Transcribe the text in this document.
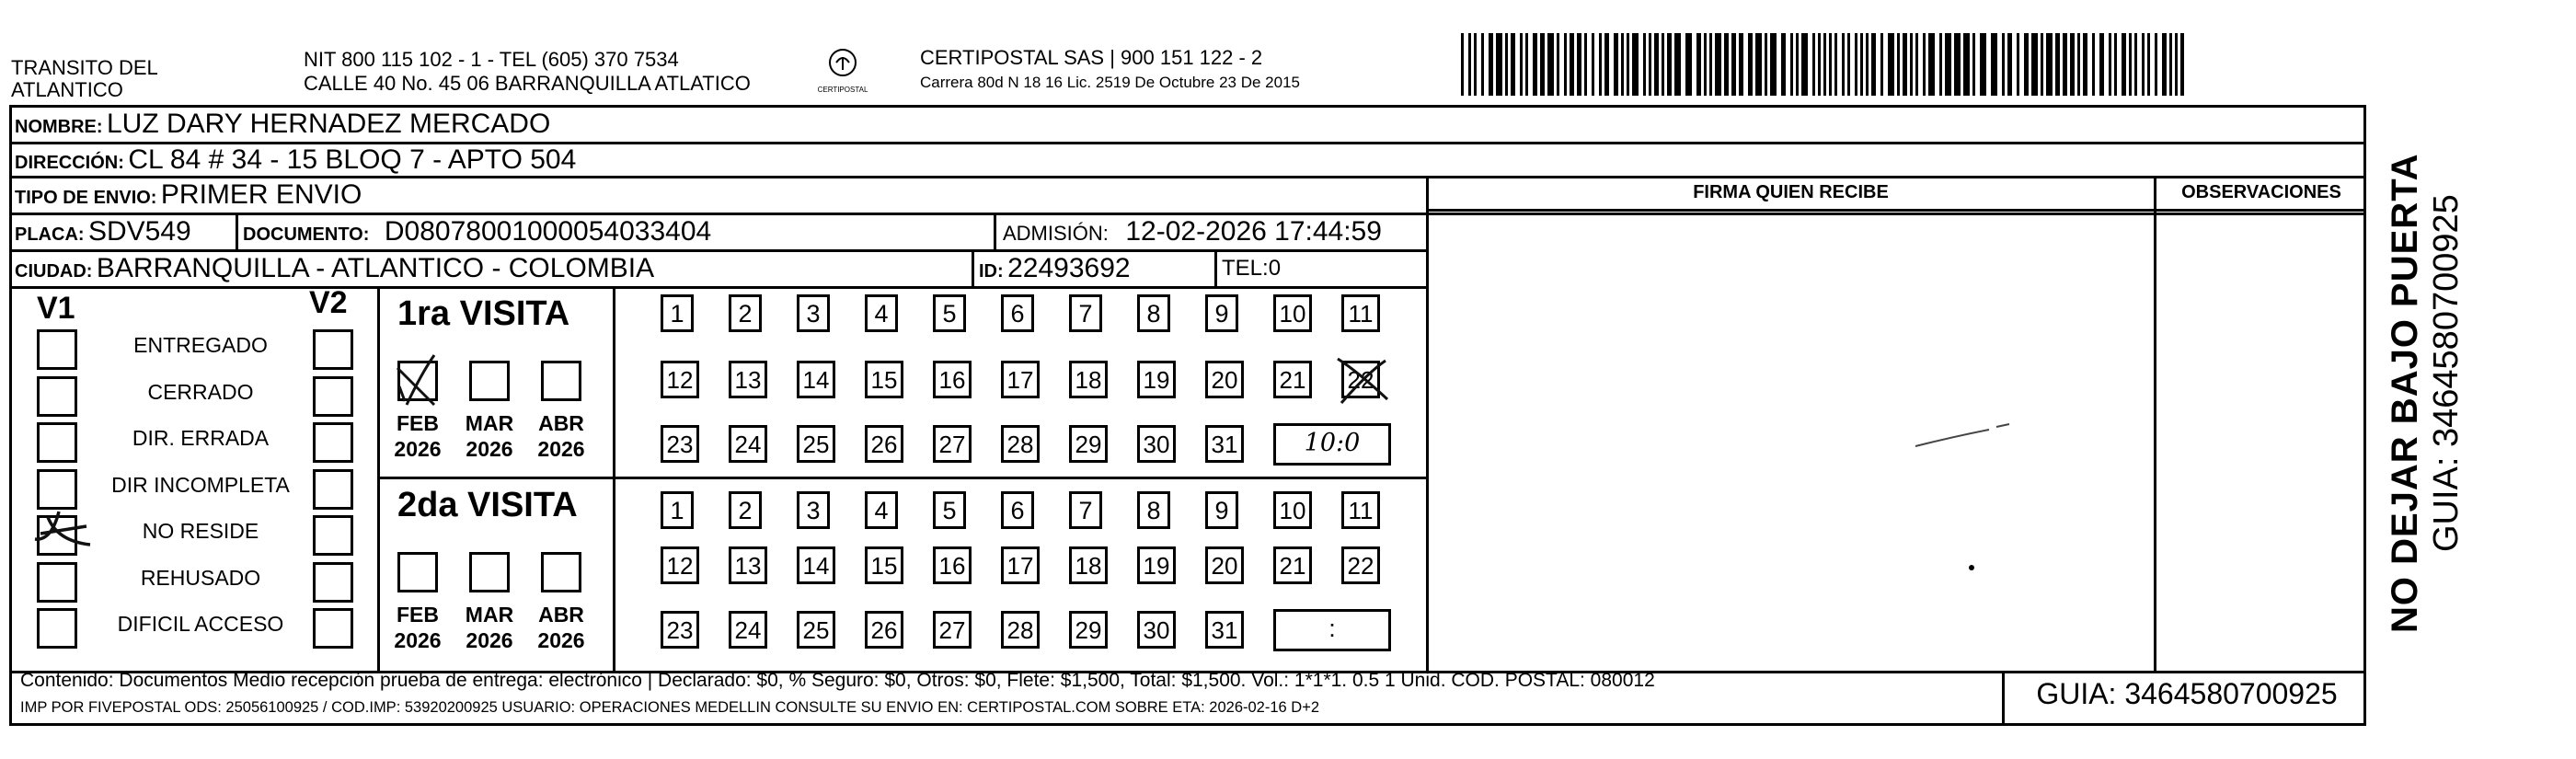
TRANSITO DEL
ATLANTICO
NIT 800 115 102 - 1 - TEL (605) 370 7534
CALLE 40 No. 45 06 BARRANQUILLA ATLATICO	CERTIPOSTAL
CERTIPOSTAL SAS | 900 151 122 - 2
Carrera 80d N 18 16 Lic. 2519 De Octubre 23 De 2015
NOMBRE: LUZ DARY HERNADEZ MERCADO
DIRECCIÓN: CL 84 # 34 - 15 BLOQ 7 - APTO 504
TIPO DE ENVIO: PRIMER ENVIO
PLACA: SDV549	DOCUMENTO: D08078001000054033404	ADMISIÓN: 12-02-2026 17:44:59
CIUDAD: BARRANQUILLA - ATLANTICO - COLOMBIA	ID: 22493692	TEL:0
FIRMA QUIEN RECIBE	OBSERVACIONES
V1	V2
ENTREGADO
CERRADO
DIR. ERRADA
DIR INCOMPLETA
NO RESIDE
REHUSADO
DIFICIL ACCESO
1ra VISITA
2da VISITA
FEB
2026
MAR
2026
ABR
2026
FEB
2026
MAR
2026
ABR
2026
1	2	3	4	5	6	7	8	9	10 11
12 13 14 15 16 17 18 19 20 21 22
23 24 25 26 27 28 29 30 31	10:0
1	2	3	4	5	6	7	8	9	10 11
12 13 14 15 16 17 18 19 20 21 22
23 24 25 26 27 28 29 30 31	:
Contenido: Documentos Medio recepción prueba de entrega: electrónico | Declarado: $0, % Seguro: $0, Otros: $0, Flete: $1,500, Total: $1,500. Vol.: 1*1*1. 0.5 1 Unid. COD. POSTAL: 080012
IMP POR FIVEPOSTAL ODS: 25056100925 / COD.IMP: 53920200925 USUARIO: OPERACIONES MEDELLIN CONSULTE SU ENVIO EN: CERTIPOSTAL.COM SOBRE ETA: 2026-02-16 D+2	GUIA: 3464580700925
NO DEJAR BAJO PUERTA GUIA: 3464580700925
